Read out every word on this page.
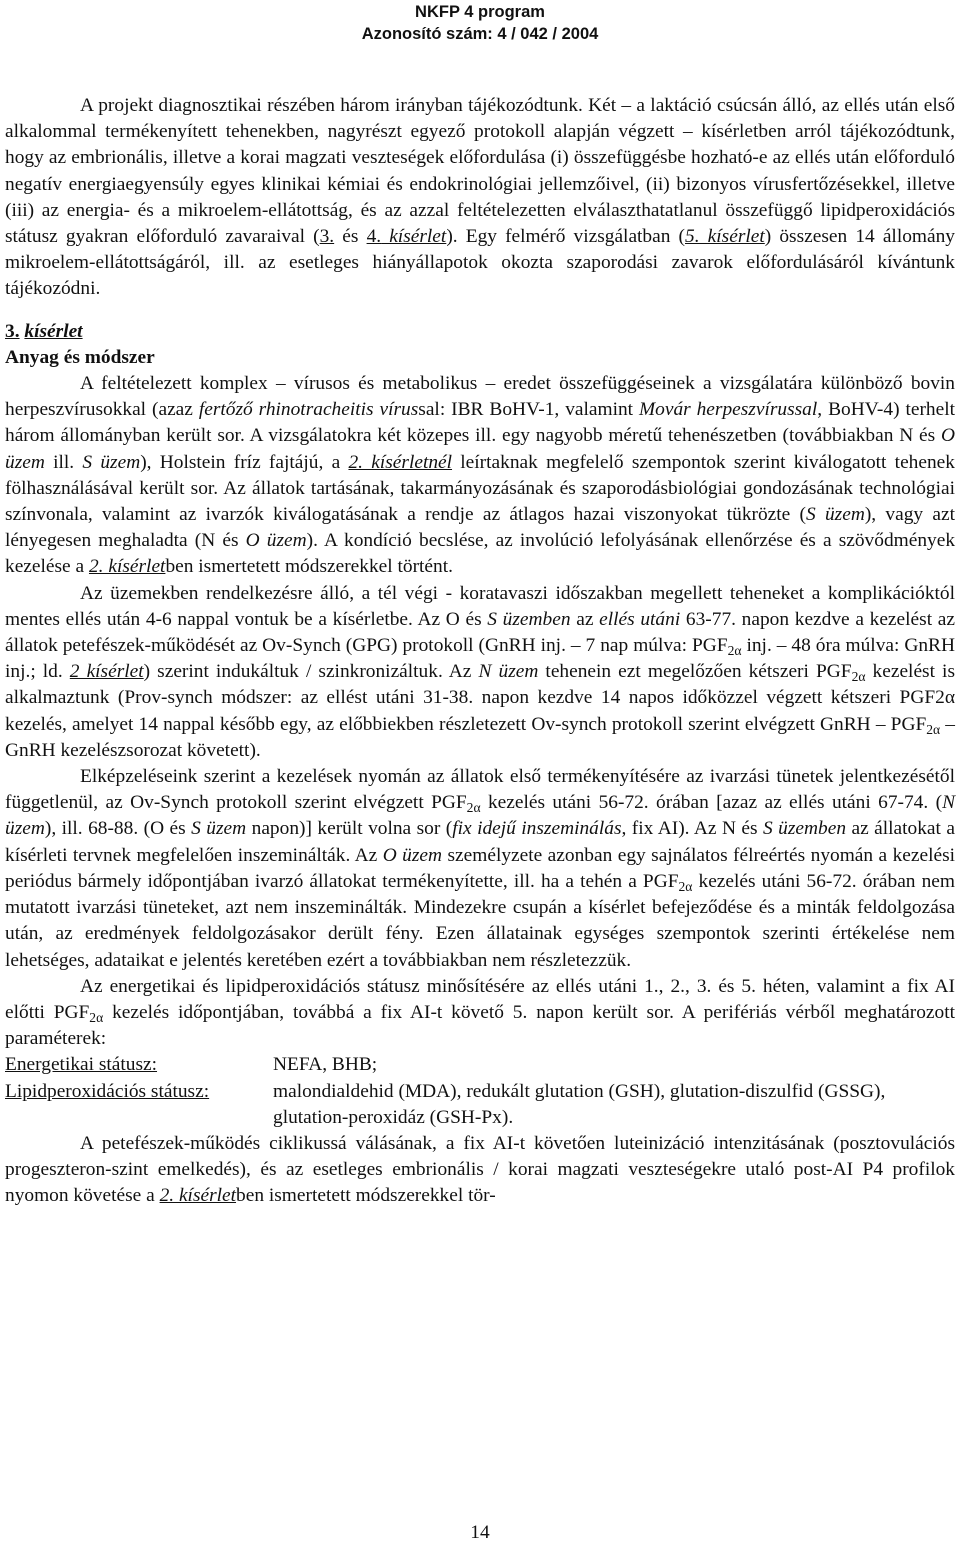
NKFP 4 program
Azonosító szám: 4 / 042 / 2004

A projekt diagnosztikai részében három irányban tájékozódtunk. Két – a laktáció csúcsán álló, az ellés után első alkalommal termékenyített tehenekben, nagyrészt egyező protokoll alapján végzett – kísérletben arról tájékozódtunk, hogy az embrionális, illetve a korai magzati veszteségek előfordulása (i) összefüggésbe hozható-e az ellés után előforduló negatív energiaegyensúly egyes klinikai kémiai és endokrinológiai jellemzőivel, (ii) bizonyos vírusfertőzésekkel, illetve (iii) az energia- és a mikroelem-ellátottság, és az azzal feltételezetten elválaszthatatlanul összefüggő lipidperoxidációs státusz gyakran előforduló zavaraival (3. és 4. kísérlet). Egy felmérő vizsgálatban (5. kísérlet) összesen 14 állomány mikroelem-ellátottságáról, ill. az esetleges hiányállapotok okozta szaporodási zavarok előfordulásáról kívántunk tájékozódni.

3. kísérlet
Anyag és módszer

A feltételezett komplex – vírusos és metabolikus – eredet összefüggéseinek a vizsgálatára különböző bovin herpeszvírusokkal (azaz fertőző rhinotracheitis vírussal: IBR BoHV-1, valamint Movár herpeszvírussal, BoHV-4) terhelt három állományban került sor. A vizsgálatokra két közepes ill. egy nagyobb méretű tehenészetben (továbbiakban N és O üzem ill. S üzem), Holstein fríz fajtájú, a 2. kísérletnél leírtaknak megfelelő szempontok szerint kiválogatott tehenek fölhasználásával került sor. Az állatok tartásának, takarmányozásának és szaporodásbiológiai gondozásának technológiai színvonala, valamint az ivarzók kiválogatásának a rendje az átlagos hazai viszonyokat tükrözte (S üzem), vagy azt lényegesen meghaladta (N és O üzem). A kondíció becslése, az involúció lefolyásának ellenőrzése és a szövődmények kezelése a 2. kísérletben ismertetett módszerekkel történt.

Az üzemekben rendelkezésre álló, a tél végi - koratavaszi időszakban megellett teheneket a komplikációktól mentes ellés után 4-6 nappal vontuk be a kísérletbe. Az O és S üzemben az ellés utáni 63-77. napon kezdve a kezelést az állatok petefészek-működését az Ov-Synch (GPG) protokoll (GnRH inj. – 7 nap múlva: $PGF_{2\alpha}$ inj. – 48 óra múlva: GnRH inj.; ld. 2 kísérlet) szerint indukáltuk / szinkronizáltuk. Az N üzem tehenein ezt megelőzően kétszeri $PGF_{2\alpha}$ kezelést is alkalmaztunk (Prov-synch módszer: az ellést utáni 31-38. napon kezdve 14 napos időközzel végzett kétszeri PGF2α kezelés, amelyet 14 nappal később egy, az előbbiekben részletezett Ov-synch protokoll szerint elvégzett GnRH – $PGF_{2\alpha}$ –GnRH kezelészsorozat követett).

Elképzeléseink szerint a kezelések nyomán az állatok első termékenyítésére az ivarzási tünetek jelentkezésétől függetlenül, az Ov-Synch protokoll szerint elvégzett $PGF_{2\alpha}$ kezelés utáni 56-72. órában [azaz az ellés utáni 67-74. (N üzem), ill. 68-88. (O és S üzem napon)] került volna sor (fix idejű inszeminálás, fix AI). Az N és S üzemben az állatokat a kísérleti tervnek megfelelően inszeminálták. Az O üzem személyzete azonban egy sajnálatos félreértés nyomán a kezelési periódus bármely időpontjában ivarzó állatokat termékenyítette, ill. ha a tehén a $PGF_{2\alpha}$ kezelés utáni 56-72. órában nem mutatott ivarzási tüneteket, azt nem inszeminálták. Mindezekre csupán a kísérlet befejeződése és a minták feldolgozása után, az eredmények feldolgozásakor derült fény. Ezen állatainak egységes szempontok szerinti értékelése nem lehetséges, adataikat e jelentés keretében ezért a továbbiakban nem részletezzük.

Az energetikai és lipidperoxidációs státusz minősítésére az ellés utáni 1., 2., 3. és 5. héten, valamint a fix AI előtti $PGF_{2\alpha}$ kezelés időpontjában, továbbá a fix AI-t követő 5. napon került sor. A perifériás vérből meghatározott paraméterek:

Energetikai státusz:	NEFA, BHB;
Lipidperoxidációs státusz:	malondialdehid (MDA), redukált glutation (GSH), glutation-diszulfid (GSSG), glutation-peroxidáz (GSH-Px).

A petefészek-működés ciklikussá válásának, a fix AI-t követően luteinizáció intenzitásának (posztovulációs progeszteron-szint emelkedés), és az esetleges embrionális / korai magzati veszteségekre utaló post-AI P4 profilok nyomon követése a 2. kísérletben ismertetett módszerekkel tör-

14
